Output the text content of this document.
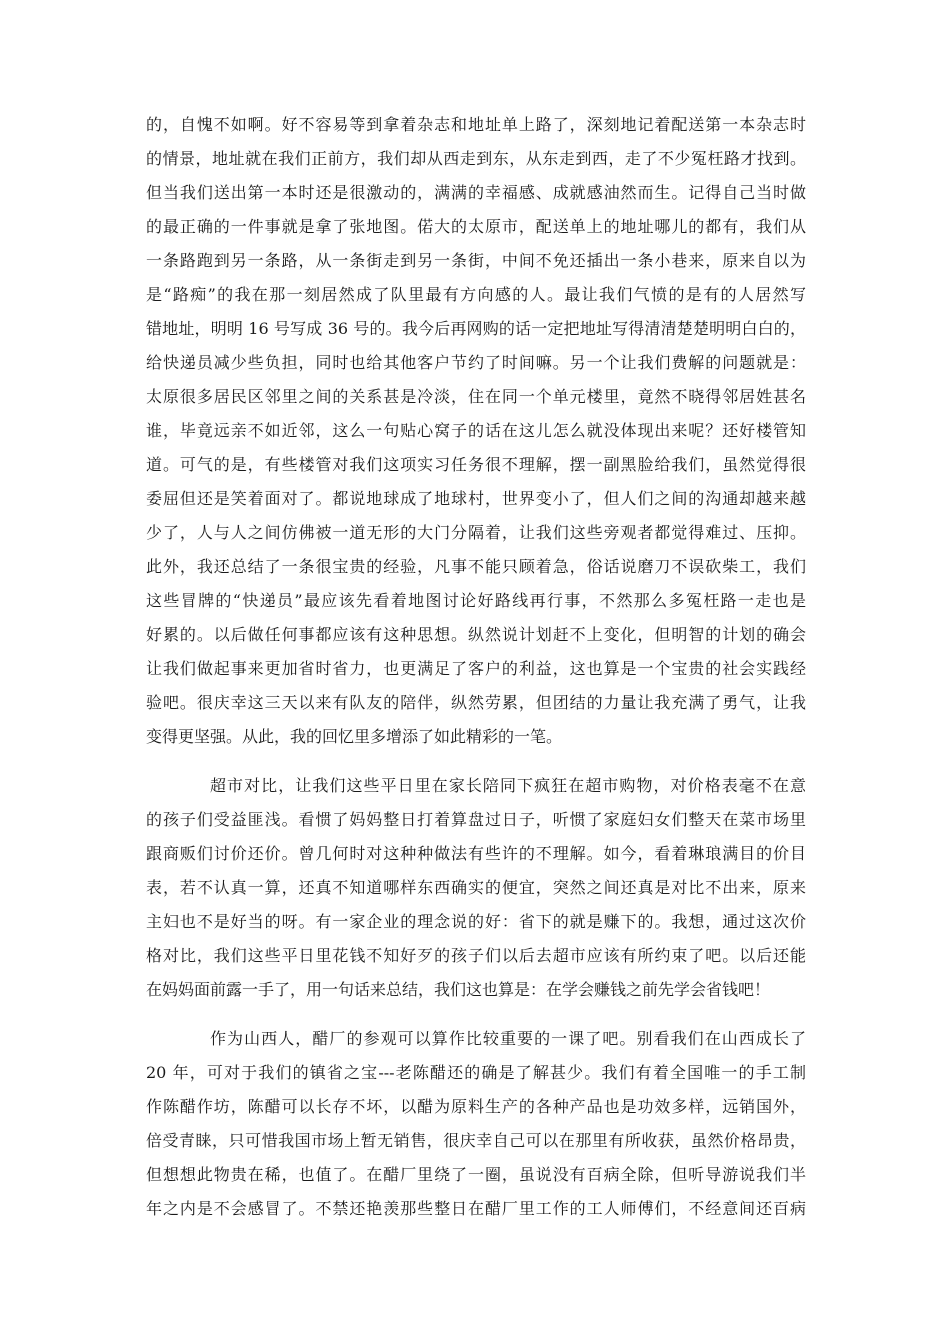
的，自愧不如啊。好不容易等到拿着杂志和地址单上路了，深刻地记着配送第一本杂志时
的情景，地址就在我们正前方，我们却从西走到东，从东走到西，走了不少冤枉路才找到。
但当我们送出第一本时还是很激动的，满满的幸福感、成就感油然而生。记得自己当时做
的最正确的一件事就是拿了张地图。偌大的太原市，配送单上的地址哪儿的都有，我们从
一条路跑到另一条路，从一条街走到另一条街，中间不免还插出一条小巷来，原来自以为
是“路痴”的我在那一刻居然成了队里最有方向感的人。最让我们气愤的是有的人居然写
错地址，明明 16 号写成 36 号的。我今后再网购的话一定把地址写得清清楚楚明明白白的，
给快递员减少些负担，同时也给其他客户节约了时间嘛。另一个让我们费解的问题就是：
太原很多居民区邻里之间的关系甚是冷淡，住在同一个单元楼里，竟然不晓得邻居姓甚名
谁，毕竟远亲不如近邻，这么一句贴心窝子的话在这儿怎么就没体现出来呢？还好楼管知
道。可气的是，有些楼管对我们这项实习任务很不理解，摆一副黑脸给我们，虽然觉得很
委屈但还是笑着面对了。都说地球成了地球村，世界变小了，但人们之间的沟通却越来越
少了，人与人之间仿佛被一道无形的大门分隔着，让我们这些旁观者都觉得难过、压抑。
此外，我还总结了一条很宝贵的经验，凡事不能只顾着急，俗话说磨刀不误砍柴工，我们
这些冒牌的“快递员”最应该先看着地图讨论好路线再行事，不然那么多冤枉路一走也是
好累的。以后做任何事都应该有这种思想。纵然说计划赶不上变化，但明智的计划的确会
让我们做起事来更加省时省力，也更满足了客户的利益，这也算是一个宝贵的社会实践经
验吧。很庆幸这三天以来有队友的陪伴，纵然劳累，但团结的力量让我充满了勇气，让我
变得更坚强。从此，我的回忆里多增添了如此精彩的一笔。
超市对比，让我们这些平日里在家长陪同下疯狂在超市购物，对价格表毫不在意
的孩子们受益匪浅。看惯了妈妈整日打着算盘过日子，听惯了家庭妇女们整天在菜市场里
跟商贩们讨价还价。曾几何时对这种种做法有些许的不理解。如今，看着琳琅满目的价目
表，若不认真一算，还真不知道哪样东西确实的便宜，突然之间还真是对比不出来，原来
主妇也不是好当的呀。有一家企业的理念说的好：省下的就是赚下的。我想，通过这次价
格对比，我们这些平日里花钱不知好歹的孩子们以后去超市应该有所约束了吧。以后还能
在妈妈面前露一手了，用一句话来总结，我们这也算是：在学会赚钱之前先学会省钱吧！
作为山西人，醋厂的参观可以算作比较重要的一课了吧。别看我们在山西成长了
20 年，可对于我们的镇省之宝---老陈醋还的确是了解甚少。我们有着全国唯一的手工制
作陈醋作坊，陈醋可以长存不坏，以醋为原料生产的各种产品也是功效多样，远销国外，
倍受青睐，只可惜我国市场上暂无销售，很庆幸自己可以在那里有所收获，虽然价格昂贵，
但想想此物贵在稀，也值了。在醋厂里绕了一圈，虽说没有百病全除，但听导游说我们半
年之内是不会感冒了。不禁还艳羡那些整日在醋厂里工作的工人师傅们，不经意间还百病
